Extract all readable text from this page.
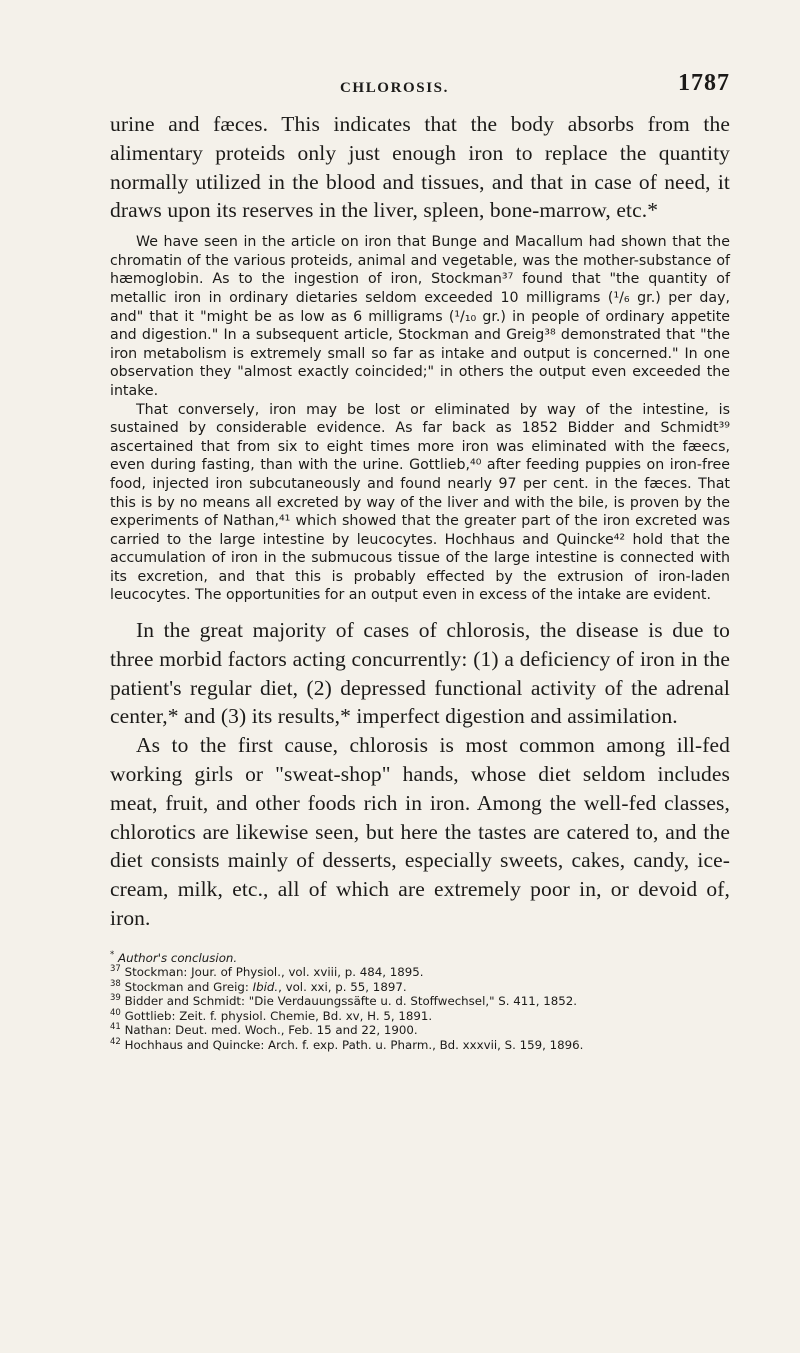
CHLOROSIS.	1787

urine and fæces. This indicates that the body absorbs from the alimentary proteids only just enough iron to replace the quantity normally utilized in the blood and tissues, and that in case of need, it draws upon its reserves in the liver, spleen, bone-marrow, etc.*

We have seen in the article on iron that Bunge and Macallum had shown that the chromatin of the various proteids, animal and vegetable, was the mother-substance of hæmoglobin. As to the ingestion of iron, Stockman³⁷ found that "the quantity of metallic iron in ordinary dietaries seldom exceeded 10 milligrams (¹/₆ gr.) per day, and" that it "might be as low as 6 milligrams (¹/₁₀ gr.) in people of ordinary appetite and digestion." In a subsequent article, Stockman and Greig³⁸ demonstrated that "the iron metabolism is extremely small so far as intake and output is concerned." In one observation they "almost exactly coincided;" in others the output even exceeded the intake.

That conversely, iron may be lost or eliminated by way of the intestine, is sustained by considerable evidence. As far back as 1852 Bidder and Schmidt³⁹ ascertained that from six to eight times more iron was eliminated with the fæecs, even during fasting, than with the urine. Gottlieb,⁴⁰ after feeding puppies on iron-free food, injected iron subcutaneously and found nearly 97 per cent. in the fæces. That this is by no means all excreted by way of the liver and with the bile, is proven by the experiments of Nathan,⁴¹ which showed that the greater part of the iron excreted was carried to the large intestine by leucocytes. Hochhaus and Quincke⁴² hold that the accumulation of iron in the submucous tissue of the large intestine is connected with its excretion, and that this is probably effected by the extrusion of iron-laden leucocytes. The opportunities for an output even in excess of the intake are evident.

In the great majority of cases of chlorosis, the disease is due to three morbid factors acting concurrently: (1) a deficiency of iron in the patient's regular diet, (2) depressed functional activity of the adrenal center,* and (3) its results,* imperfect digestion and assimilation.

As to the first cause, chlorosis is most common among ill-fed working girls or "sweat-shop" hands, whose diet seldom includes meat, fruit, and other foods rich in iron. Among the well-fed classes, chlorotics are likewise seen, but here the tastes are catered to, and the diet consists mainly of desserts, especially sweets, cakes, candy, ice-cream, milk, etc., all of which are extremely poor in, or devoid of, iron.

* Author's conclusion.
$^{37}$ Stockman: Jour. of Physiol., vol. xviii, p. 484, 1895.
$^{38}$ Stockman and Greig: Ibid., vol. xxi, p. 55, 1897.
$^{39}$ Bidder and Schmidt: "Die Verdauungssäfte u. d. Stoffwechsel," S. 411, 1852.
$^{40}$ Gottlieb: Zeit. f. physiol. Chemie, Bd. xv, H. 5, 1891.
$^{41}$ Nathan: Deut. med. Woch., Feb. 15 and 22, 1900.
$^{42}$ Hochhaus and Quincke: Arch. f. exp. Path. u. Pharm., Bd. xxxvii, S. 159, 1896.
